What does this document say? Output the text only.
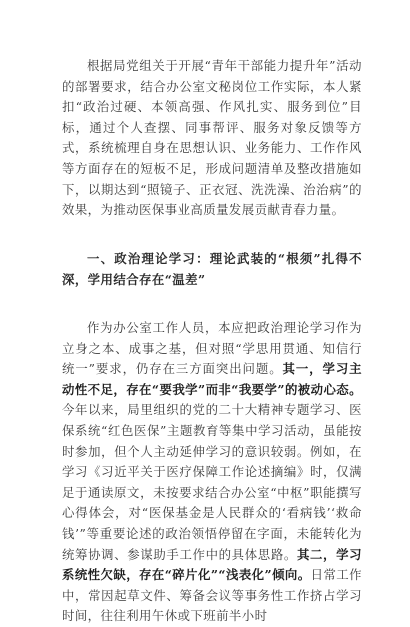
根据局党组关于开展“青年干部能力提升年”活动的部署要求，结合办公室文秘岗位工作实际，本人紧扣“政治过硬、本领高强、作风扎实、服务到位”目标，通过个人查摆、同事帮评、服务对象反馈等方式，系统梳理自身在思想认识、业务能力、工作作风等方面存在的短板不足，形成问题清单及整改措施如下，以期达到“照镜子、正衣冠、洗洗澡、治治病”的效果，为推动医保事业高质量发展贡献青春力量。

一、政治理论学习：理论武装的“根须”扎得不深，学用结合存在“温差”

作为办公室工作人员，本应把政治理论学习作为立身之本、成事之基，但对照“学思用贯通、知信行统一”要求，仍存在三方面突出问题。其一，学习主动性不足，存在“要我学”而非“我要学”的被动心态。今年以来，局里组织的党的二十大精神专题学习、医保系统“红色医保”主题教育等集中学习活动，虽能按时参加，但个人主动延伸学习的意识较弱。例如，在学习《习近平关于医疗保障工作论述摘编》时，仅满足于通读原文，未按要求结合办公室“中枢”职能撰写心得体会，对“医保基金是人民群众的‘看病钱’‘救命钱’”等重要论述的政治领悟停留在字面，未能转化为统筹协调、参谋助手工作中的具体思路。其二，学习系统性欠缺，存在“碎片化”“浅表化”倾向。日常工作中，常因起草文件、筹备会议等事务性工作挤占学习时间，往往利用午休或下班前半小时
